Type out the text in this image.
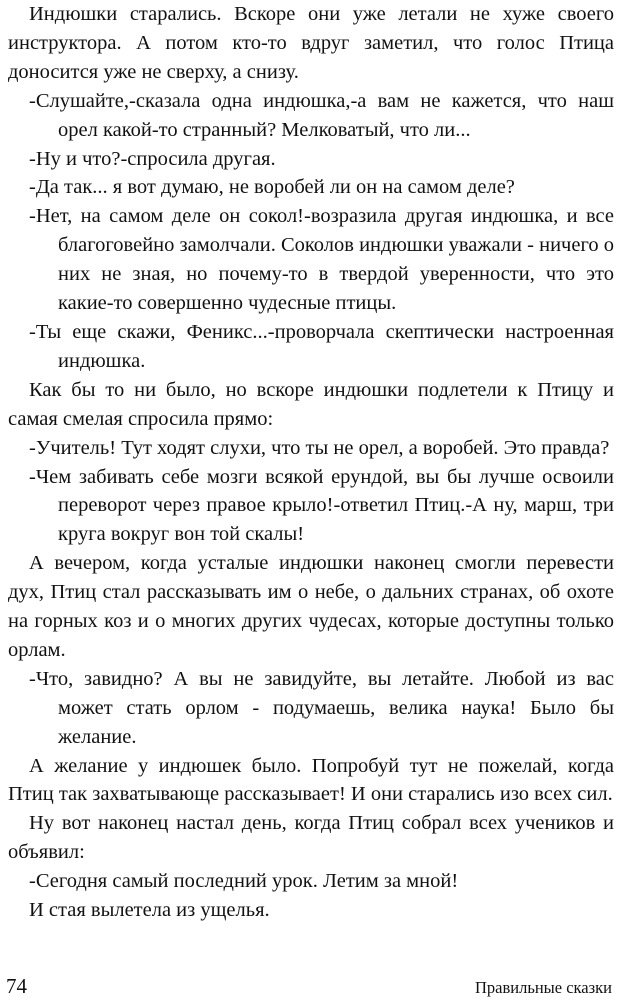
Индюшки старались. Вскоре они уже летали не хуже своего инструктора. А потом кто-то вдруг заметил, что голос Птица доносится уже не сверху, а снизу.

-Слушайте,-сказала одна индюшка,-а вам не кажется, что наш орел какой-то странный? Мелковатый, что ли...

-Ну и что?-спросила другая.

-Да так... я вот думаю, не воробей ли он на самом деле?

-Нет, на самом деле он сокол!-возразила другая индюшка, и все благоговейно замолчали. Соколов индюшки уважали - ничего о них не зная, но почему-то в твердой уверенности, что это какие-то совершенно чудесные птицы.

-Ты еще скажи, Феникс...-проворчала скептически настроенная индюшка.

Как бы то ни было, но вскоре индюшки подлетели к Птицу и самая смелая спросила прямо:

-Учитель! Тут ходят слухи, что ты не орел, а воробей. Это правда?

-Чем забивать себе мозги всякой ерундой, вы бы лучше освоили переворот через правое крыло!-ответил Птиц.-А ну, марш, три круга вокруг вон той скалы!

А вечером, когда усталые индюшки наконец смогли перевести дух, Птиц стал рассказывать им о небе, о дальних странах, об охоте на горных коз и о многих других чудесах, которые доступны только орлам.

-Что, завидно? А вы не завидуйте, вы летайте. Любой из вас может стать орлом - подумаешь, велика наука! Было бы желание.

А желание у индюшек было. Попробуй тут не пожелай, когда Птиц так захватывающе рассказывает! И они старались изо всех сил.

Ну вот наконец настал день, когда Птиц собрал всех учеников и объявил:

-Сегодня самый последний урок. Летим за мной!

И стая вылетела из ущелья.

74	Правильные сказки
